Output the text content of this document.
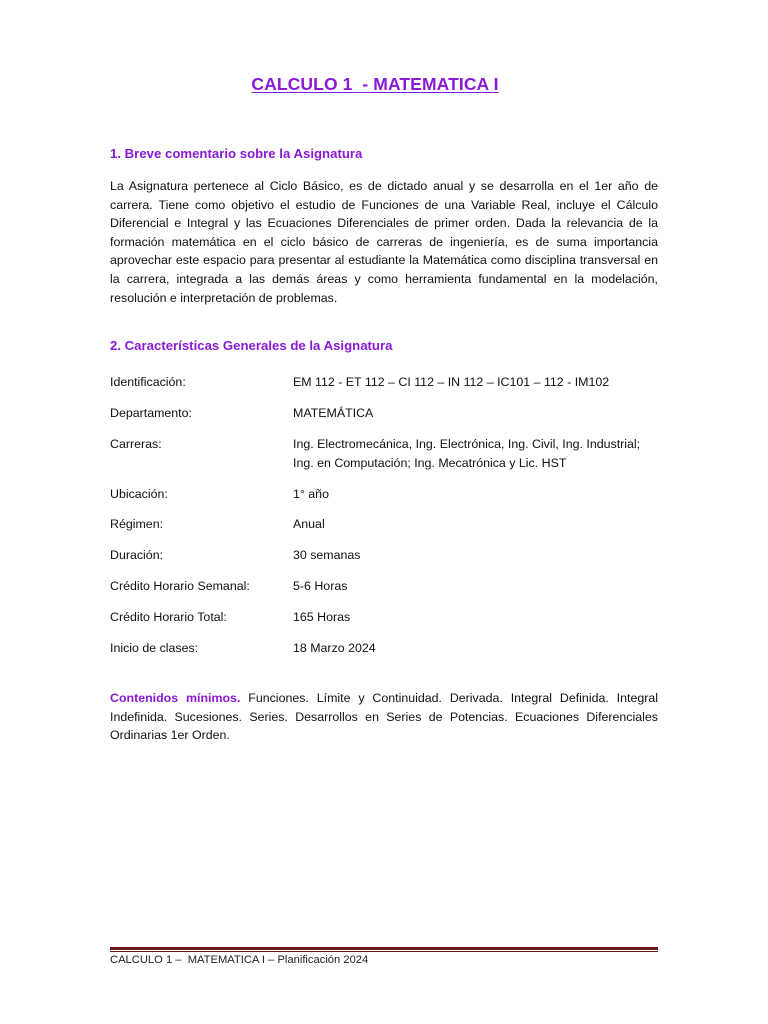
CALCULO 1  - MATEMATICA I
1. Breve comentario sobre la Asignatura
La Asignatura pertenece al Ciclo Básico, es de dictado anual y se desarrolla en el 1er año de carrera. Tiene como objetivo el estudio de Funciones de una Variable Real, incluye el Cálculo Diferencial e Integral y las Ecuaciones Diferenciales de primer orden. Dada la relevancia de la formación matemática en el ciclo básico de carreras de ingeniería, es de suma importancia aprovechar este espacio para presentar al estudiante la Matemática como disciplina transversal en la carrera, integrada a las demás áreas y como herramienta fundamental en la modelación, resolución e interpretación de problemas.
2. Características Generales de la Asignatura
Identificación:	EM 112 - ET 112 – CI 112 – IN 112 – IC101 – 112 - IM102
Departamento:	MATEMÁTICA
Carreras:	Ing. Electromecánica, Ing. Electrónica, Ing. Civil, Ing. Industrial; Ing. en Computación; Ing. Mecatrónica y Lic. HST
Ubicación:	1° año
Régimen:	Anual
Duración:	30 semanas
Crédito Horario Semanal:	5-6 Horas
Crédito Horario Total:	165 Horas
Inicio de clases:	18 Marzo 2024
Contenidos mínimos. Funciones. Límite y Continuidad. Derivada. Integral Definida. Integral Indefinida. Sucesiones. Series. Desarrollos en Series de Potencias. Ecuaciones Diferenciales Ordinarias 1er Orden.
CALCULO 1 –  MATEMATICA I – Planificación 2024
